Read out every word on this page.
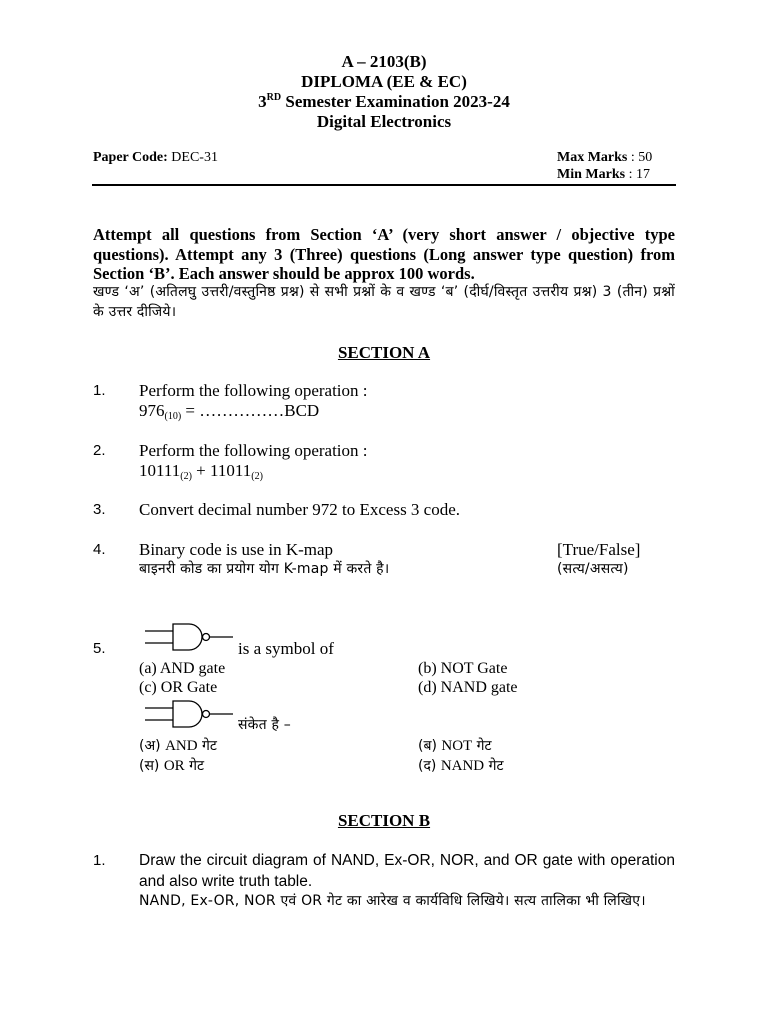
A – 2103(B)
DIPLOMA (EE & EC)
3RD Semester Examination 2023-24
Digital Electronics
Paper Code: DEC-31	Max Marks : 50
Min Marks : 17
Attempt all questions from Section ‘A’ (very short answer / objective type questions). Attempt any 3 (Three) questions (Long answer type question) from Section ‘B’. Each answer should be approx 100 words.
खण्ड ‘अ’ (अतिलघु उत्तरी/वस्तुनिष्ठ प्रश्न) से सभी प्रश्नों के व खण्ड ‘ब’ (दीर्घ/विस्तृत उत्तरीय प्रश्न) 3 (तीन) प्रश्नों के उत्तर दीजिये।
SECTION A
1. Perform the following operation :
$976_{(10)}$ = ……………BCD
2. Perform the following operation :
$10111_{(2)} + 11011_{(2)}$
3. Convert decimal number 972 to Excess 3 code.
4. Binary code is use in K-map	[True/False]
बाइनरी कोड का प्रयोग योग K-map में करते है।	(सत्य/असत्य)
5.	is a symbol of
(a) AND gate	(b) NOT Gate
(c) OR Gate	(d) NAND gate
संकेत है –
(अ) AND गेट	(ब) NOT गेट
(स) OR गेट	(द) NAND गेट
SECTION B
1. Draw the circuit diagram of NAND, Ex-OR, NOR, and OR gate with operation and also write truth table.
NAND, Ex-OR, NOR एवं OR गेट का आरेख व कार्यविधि लिखिये। सत्य तालिका भी लिखिए।
